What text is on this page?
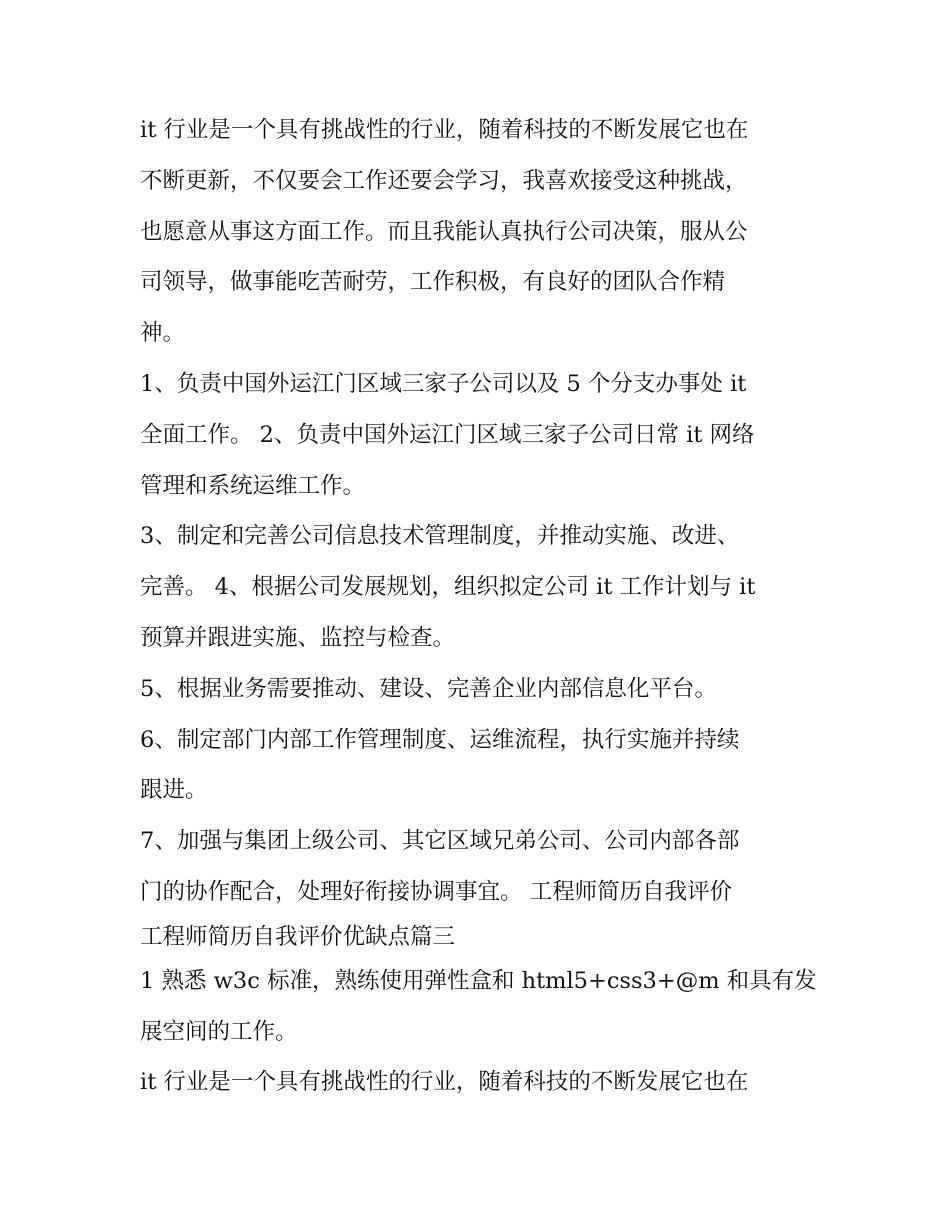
it 行业是一个具有挑战性的行业，随着科技的不断发展它也在

不断更新，不仅要会工作还要会学习，我喜欢接受这种挑战，

也愿意从事这方面工作。而且我能认真执行公司决策，服从公

司领导，做事能吃苦耐劳，工作积极，有良好的团队合作精

神。

1、负责中国外运江门区域三家子公司以及 5 个分支办事处 it

全面工作。 2、负责中国外运江门区域三家子公司日常 it 网络

管理和系统运维工作。

3、制定和完善公司信息技术管理制度，并推动实施、改进、

完善。 4、根据公司发展规划，组织拟定公司 it 工作计划与 it

预算并跟进实施、监控与检查。

5、根据业务需要推动、建设、完善企业内部信息化平台。

6、制定部门内部工作管理制度、运维流程，执行实施并持续

跟进。

7、加强与集团上级公司、其它区域兄弟公司、公司内部各部

门的协作配合，处理好衔接协调事宜。 工程师简历自我评价

工程师简历自我评价优缺点篇三

1 熟悉 w3c 标准，熟练使用弹性盒和 html5+css3+@m 和具有发

展空间的工作。

it 行业是一个具有挑战性的行业，随着科技的不断发展它也在
